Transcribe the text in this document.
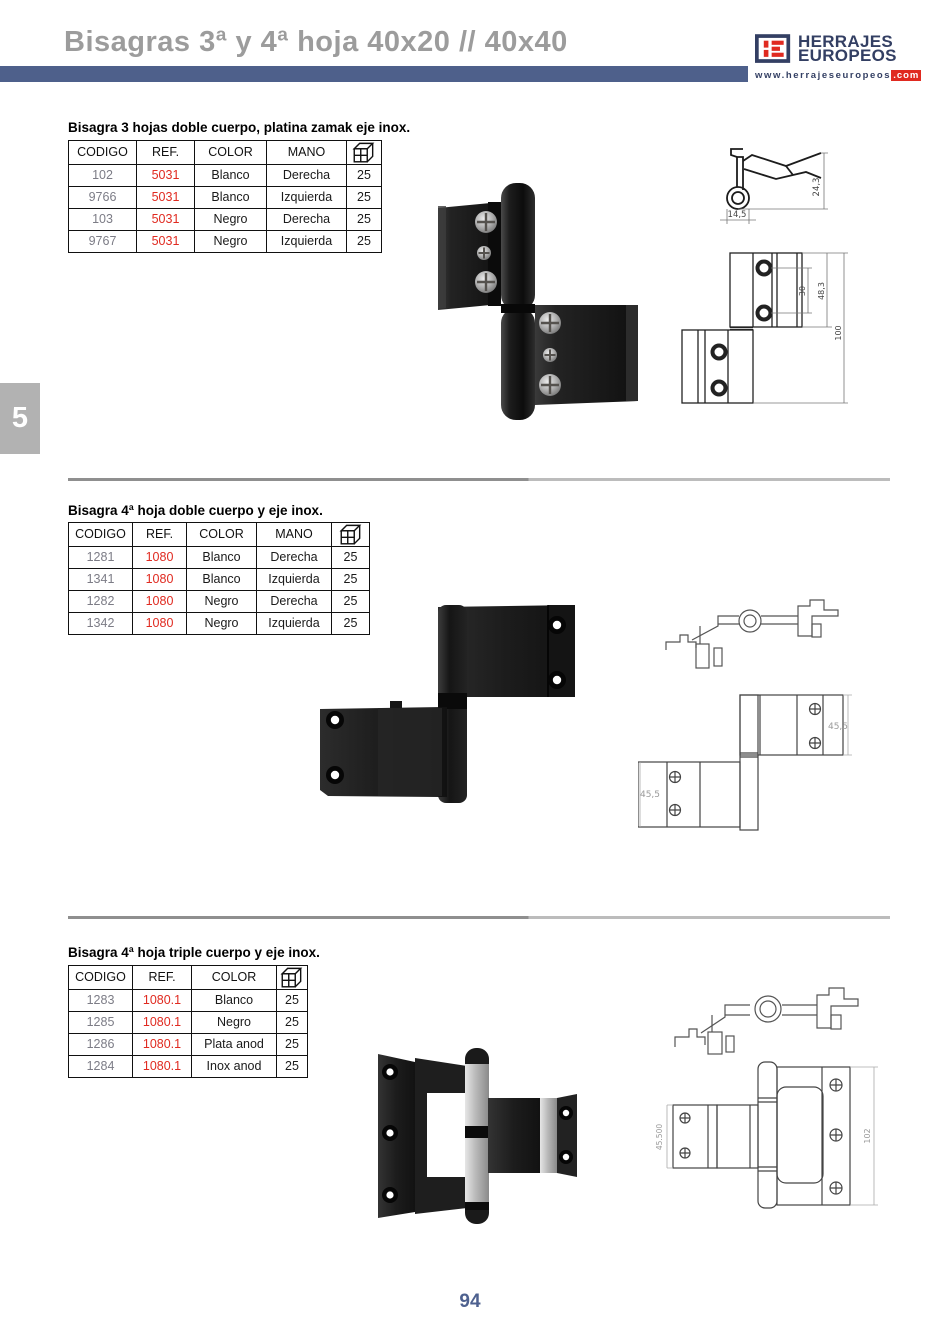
Bisagras 3ª y 4ª hoja 40x20 // 40x40	HERRAJES
EUROPEOS
www.herrajeseuropeos .com
5
Bisagra 3 hojas doble cuerpo, platina zamak eje inox.
CODIGO	REF.	COLOR	MANO
102	5031	Blanco	Derecha	25
9766	5031	Blanco	Izquierda	25
103	5031	Negro	Derecha	25
9767	5031	Negro	Izquierda	25
24,3
14,5
30 48,3
100
Bisagra 4ª hoja doble cuerpo y eje inox.
CODIGO	REF.	COLOR	MANO
1281	1080	Blanco	Derecha	25
1341	1080	Blanco	Izquierda	25
1282	1080	Negro	Derecha	25
1342	1080	Negro	Izquierda	25
45,5
45,5
Bisagra 4ª hoja triple cuerpo y eje inox.
CODIGO	REF.	COLOR
1283	1080.1	Blanco	25
1285	1080.1	Negro	25
1286	1080.1	Plata anod	25
1284	1080.1	Inox anod	25
45.500	102
94
